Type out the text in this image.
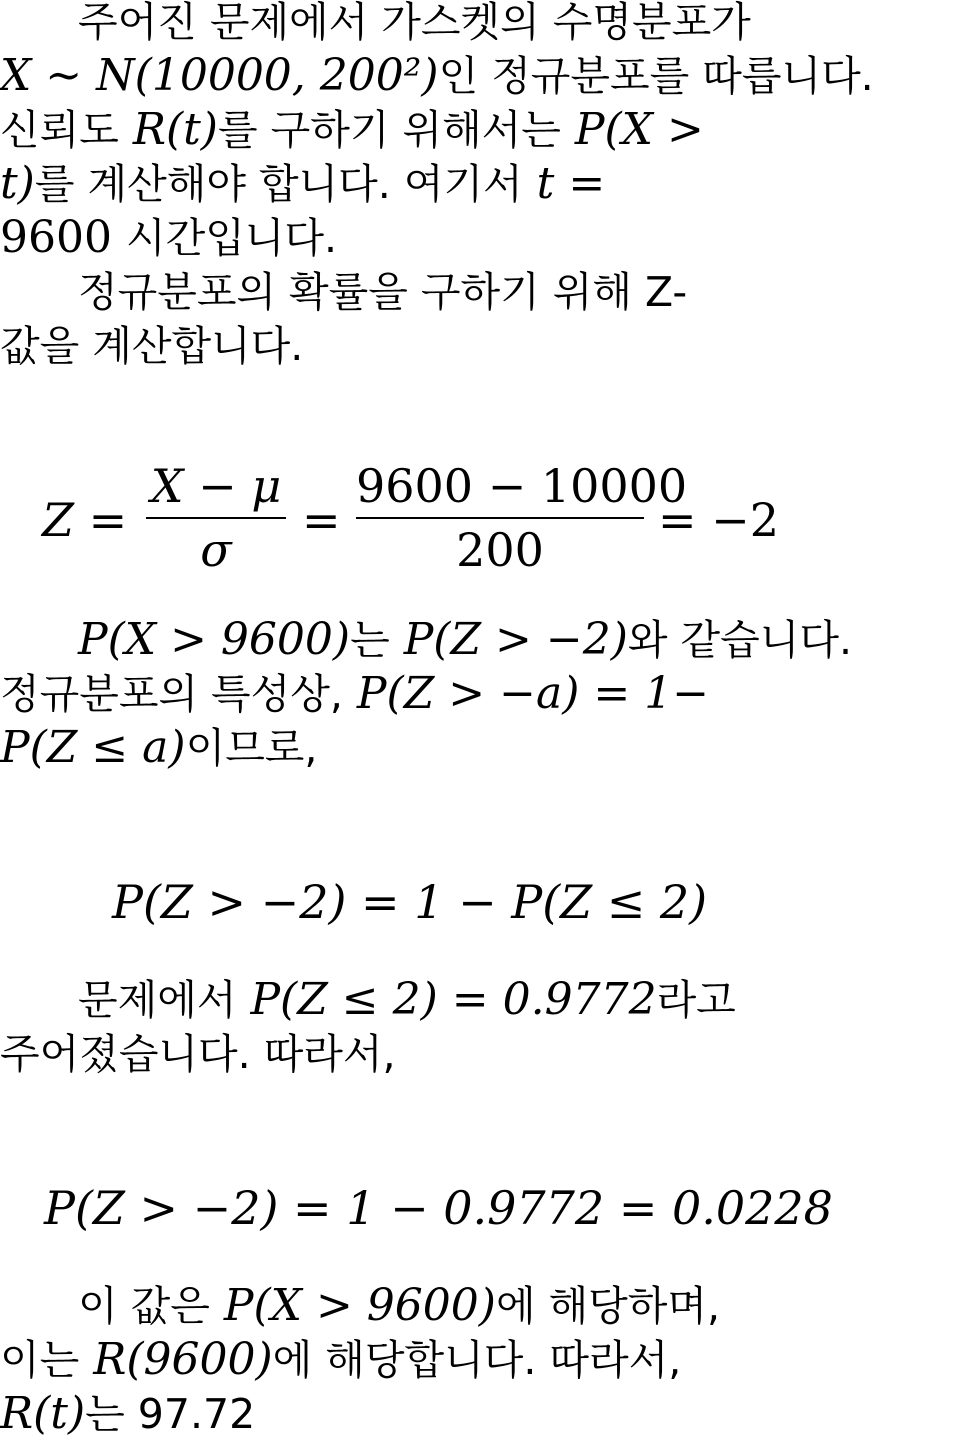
주어진 문제에서 가스켓의 수명분포가
X ∼ N(10000, 200²)인 정규분포를 따릅니다.
신뢰도 R(t)를 구하기 위해서는 P(X >
t)를 계산해야 합니다. 여기서 t =
9600 시간입니다.
정규분포의 확률을 구하기 위해 Z-
값을 계산합니다.
Z =
X − μ
σ
=
9600 − 10000
200
= −2
P(X > 9600)는 P(Z > −2)와 같습니다.
정규분포의 특성상, P(Z > −a) = 1−
P(Z ≤ a)이므로,
P(Z > −2) = 1 − P(Z ≤ 2)
문제에서 P(Z ≤ 2) = 0.9772라고
주어졌습니다. 따라서,
P(Z > −2) = 1 − 0.9772 = 0.0228
이 값은 P(X > 9600)에 해당하며,
이는 R(9600)에 해당합니다. 따라서,
R(t)는 97.72
